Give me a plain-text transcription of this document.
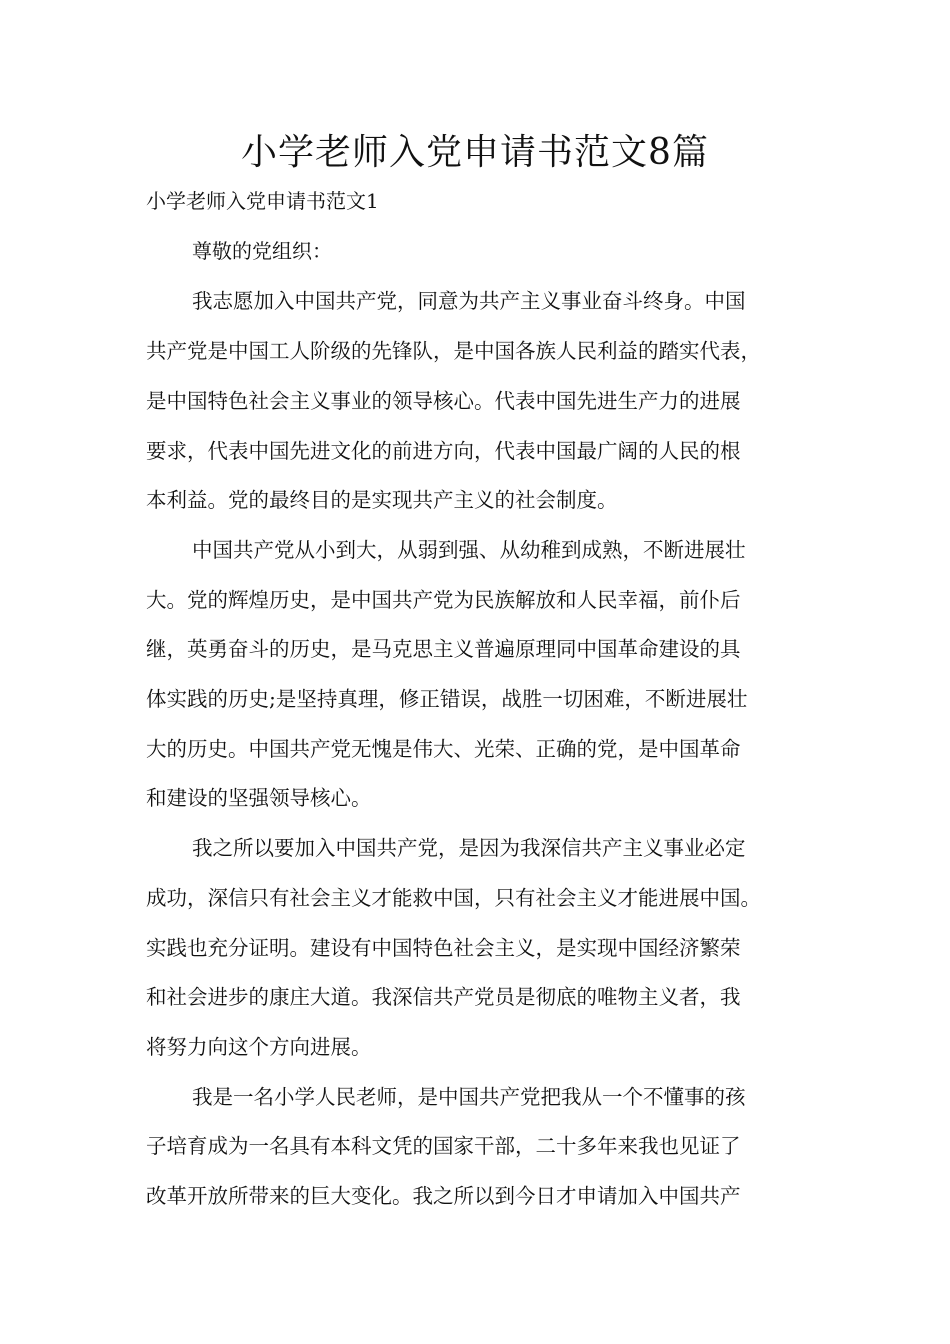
小学老师入党申请书范文8篇

小学老师入党申请书范文1

尊敬的党组织：

我志愿加入中国共产党，同意为共产主义事业奋斗终身。中国

共产党是中国工人阶级的先锋队，是中国各族人民利益的踏实代表，

是中国特色社会主义事业的领导核心。代表中国先进生产力的进展

要求，代表中国先进文化的前进方向，代表中国最广阔的人民的根

本利益。党的最终目的是实现共产主义的社会制度。

中国共产党从小到大，从弱到强、从幼稚到成熟，不断进展壮

大。党的辉煌历史，是中国共产党为民族解放和人民幸福，前仆后

继，英勇奋斗的历史，是马克思主义普遍原理同中国革命建设的具

体实践的历史;是坚持真理，修正错误，战胜一切困难，不断进展壮

大的历史。中国共产党无愧是伟大、光荣、正确的党，是中国革命

和建设的坚强领导核心。

我之所以要加入中国共产党，是因为我深信共产主义事业必定

成功，深信只有社会主义才能救中国，只有社会主义才能进展中国。

实践也充分证明。建设有中国特色社会主义，是实现中国经济繁荣

和社会进步的康庄大道。我深信共产党员是彻底的唯物主义者，我

将努力向这个方向进展。

我是一名小学人民老师，是中国共产党把我从一个不懂事的孩

子培育成为一名具有本科文凭的国家干部，二十多年来我也见证了

改革开放所带来的巨大变化。我之所以到今日才申请加入中国共产
